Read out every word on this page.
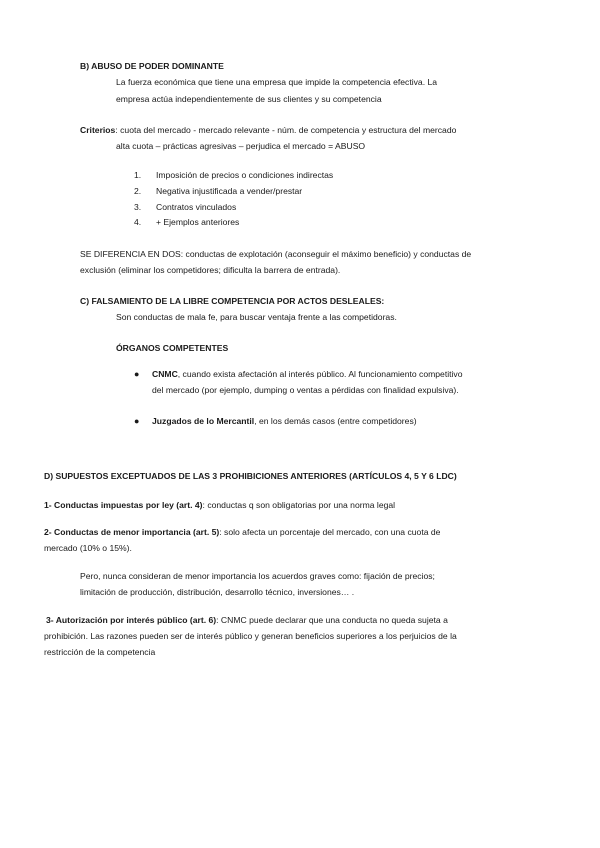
B) ABUSO DE PODER DOMINANTE
La fuerza económica que tiene una empresa que impide la competencia efectiva. La
empresa actúa independientemente de sus clientes y su competencia
Criterios: cuota del mercado - mercado relevante - núm. de competencia y estructura del mercado
alta cuota – prácticas agresivas – perjudica el mercado = ABUSO
1. Imposición de precios o condiciones indirectas
2. Negativa injustificada a vender/prestar
3. Contratos vinculados
4. + Ejemplos anteriores
SE DIFERENCIA EN DOS: conductas de explotación (aconseguir el máximo beneficio) y conductas de
exclusión (eliminar los competidores; dificulta la barrera de entrada).
C) FALSAMIENTO DE LA LIBRE COMPETENCIA POR ACTOS DESLEALES:
Son conductas de mala fe, para buscar ventaja frente a las competidoras.
ÓRGANOS COMPETENTES
● CNMC, cuando exista afectación al interés público. Al funcionamiento competitivo
del mercado (por ejemplo, dumping o ventas a pérdidas con finalidad expulsiva).
● Juzgados de lo Mercantil, en los demás casos (entre competidores)
D) SUPUESTOS EXCEPTUADOS DE LAS 3 PROHIBICIONES ANTERIORES (ARTÍCULOS 4, 5 Y 6 LDC)
1- Conductas impuestas por ley (art. 4): conductas q son obligatorias por una norma legal
2- Conductas de menor importancia (art. 5): solo afecta un porcentaje del mercado, con una cuota de
mercado (10% o 15%).
Pero, nunca consideran de menor importancia los acuerdos graves como: fijación de precios;
limitación de producción, distribución, desarrollo técnico, inversiones… .
3- Autorización por interés público (art. 6): CNMC puede declarar que una conducta no queda sujeta a
prohibición. Las razones pueden ser de interés público y generan beneficios superiores a los perjuicios de la
restricción de la competencia
